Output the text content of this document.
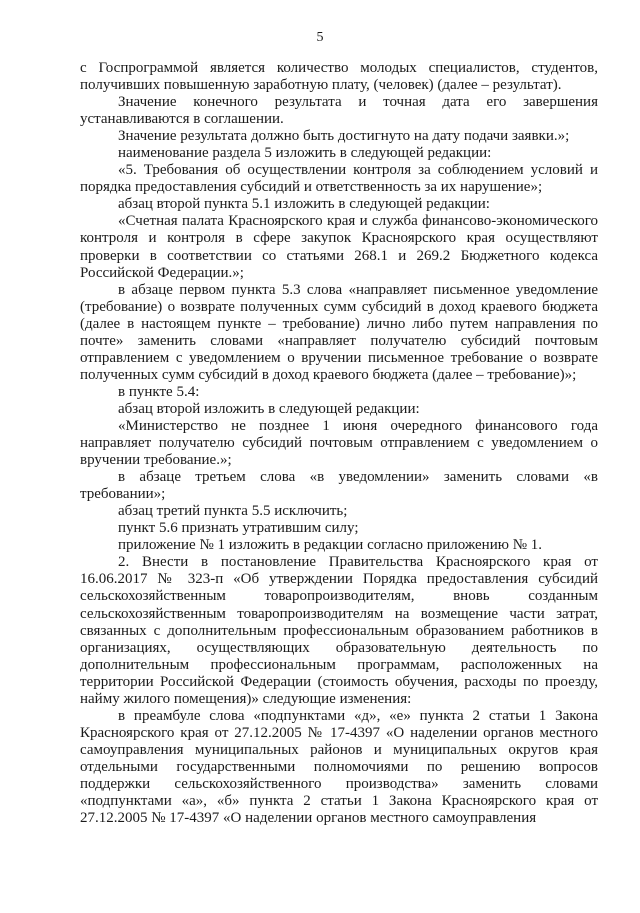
5

с Госпрограммой является количество молодых специалистов, студентов, получивших повышенную заработную плату, (человек) (далее – результат).

Значение конечного результата и точная дата его завершения устанавливаются в соглашении.

Значение результата должно быть достигнуто на дату подачи заявки.»;

наименование раздела 5 изложить в следующей редакции:

«5. Требования об осуществлении контроля за соблюдением условий и порядка предоставления субсидий и ответственность за их нарушение»;

абзац второй пункта 5.1 изложить в следующей редакции:

«Счетная палата Красноярского края и служба финансово-экономического контроля и контроля в сфере закупок Красноярского края осуществляют проверки в соответствии со статьями 268.1 и 269.2 Бюджетного кодекса Российской Федерации.»;

в абзаце первом пункта 5.3 слова «направляет письменное уведомление (требование) о возврате полученных сумм субсидий в доход краевого бюджета (далее в настоящем пункте – требование) лично либо путем направления по почте» заменить словами «направляет получателю субсидий почтовым отправлением с уведомлением о вручении письменное требование о возврате полученных сумм субсидий в доход краевого бюджета (далее – требование)»;

в пункте 5.4:

абзац второй изложить в следующей редакции:

«Министерство не позднее 1 июня очередного финансового года направляет получателю субсидий почтовым отправлением с уведомлением о вручении требование.»;

в абзаце третьем слова «в уведомлении» заменить словами «в требовании»;

абзац третий пункта 5.5 исключить;

пункт 5.6 признать утратившим силу;

приложение № 1 изложить в редакции согласно приложению № 1.

2. Внести в постановление Правительства Красноярского края от 16.06.2017 № 323-п «Об утверждении Порядка предоставления субсидий сельскохозяйственным товаропроизводителям, вновь созданным сельскохозяйственным товаропроизводителям на возмещение части затрат, связанных с дополнительным профессиональным образованием работников в организациях, осуществляющих образовательную деятельность по дополнительным профессиональным программам, расположенных на территории Российской Федерации (стоимость обучения, расходы по проезду, найму жилого помещения)» следующие изменения:

в преамбуле слова «подпунктами «д», «е» пункта 2 статьи 1 Закона Красноярского края от 27.12.2005 № 17-4397 «О наделении органов местного самоуправления муниципальных районов и муниципальных округов края отдельными государственными полномочиями по решению вопросов поддержки сельскохозяйственного производства» заменить словами «подпунктами «а», «б» пункта 2 статьи 1 Закона Красноярского края от 27.12.2005 № 17-4397 «О наделении органов местного самоуправления
